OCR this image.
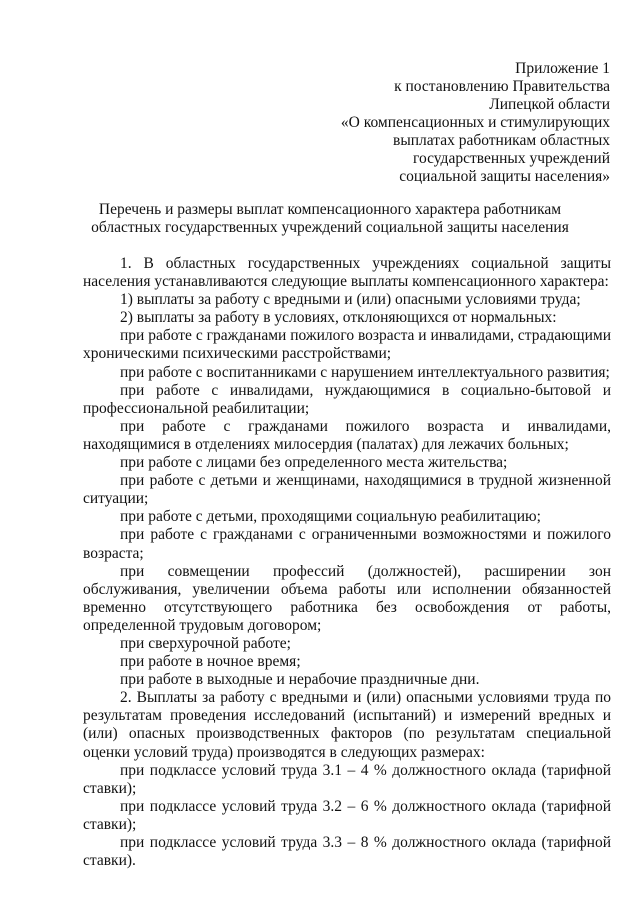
Приложение 1
к постановлению Правительства
Липецкой области
«О компенсационных и стимулирующих
выплатах работникам областных
государственных учреждений
социальной защиты населения»
Перечень и размеры выплат компенсационного характера работникам
областных государственных учреждений социальной защиты населения

1. В областных государственных учреждениях социальной защиты населения устанавливаются следующие выплаты компенсационного характера:

1) выплаты за работу с вредными и (или) опасными условиями труда;

2) выплаты за работу в условиях, отклоняющихся от нормальных:

при работе с гражданами пожилого возраста и инвалидами, страдающими хроническими психическими расстройствами;

при работе с воспитанниками с нарушением интеллектуального развития;

при работе с инвалидами, нуждающимися в социально-бытовой и профессиональной реабилитации;

при работе с гражданами пожилого возраста и инвалидами, находящимися в отделениях милосердия (палатах) для лежачих больных;

при работе с лицами без определенного места жительства;

при работе с детьми и женщинами, находящимися в трудной жизненной ситуации;

при работе с детьми, проходящими социальную реабилитацию;

при работе с гражданами с ограниченными возможностями и пожилого возраста;

при совмещении профессий (должностей), расширении зон обслуживания, увеличении объема работы или исполнении обязанностей временно отсутствующего работника без освобождения от работы, определенной трудовым договором;

при сверхурочной работе;

при работе в ночное время;

при работе в выходные и нерабочие праздничные дни.

2. Выплаты за работу с вредными и (или) опасными условиями труда по результатам проведения исследований (испытаний) и измерений вредных и (или) опасных производственных факторов (по результатам специальной оценки условий труда) производятся в следующих размерах:

при подклассе условий труда 3.1 – 4 % должностного оклада (тарифной ставки);

при подклассе условий труда 3.2 – 6 % должностного оклада (тарифной ставки);

при подклассе условий труда 3.3 – 8 % должностного оклада (тарифной ставки).
